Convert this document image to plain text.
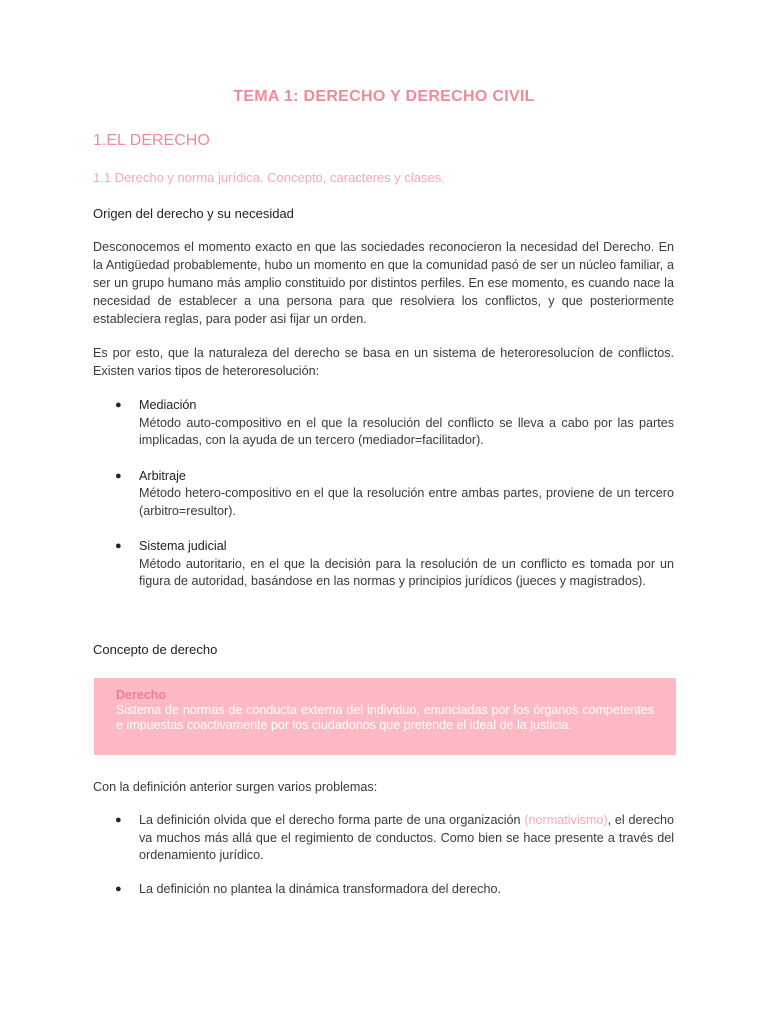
TEMA 1: DERECHO Y DERECHO CIVIL
1.EL DERECHO
1.1 Derecho y norma jurídica. Concepto, caracteres y clases.
Origen del derecho y su necesidad

Desconocemos el momento exacto en que las sociedades reconocieron la necesidad del Derecho. En la Antigüedad probablemente, hubo un momento en que la comunidad pasó de ser un núcleo familiar, a ser un grupo humano más amplio constituido por distintos perfiles. En ese momento, es cuando nace la necesidad de establecer a una persona para que resolviera los conflictos, y que posteriormente estableciera reglas, para poder asi fijar un orden.

Es por esto, que la naturaleza del derecho se basa en un sistema de heteroresolucíon de conflictos. Existen varios tipos de heteroresolución:

● Mediación
Método auto-compositivo en el que la resolución del conflicto se lleva a cabo por las partes implicadas, con la ayuda de un tercero (mediador=facilitador).
● Arbitraje
Método hetero-compositivo en el que la resolución entre ambas partes, proviene de un tercero (arbitro=resultor).
● Sistema judicial
Método autoritario, en el que la decisión para la resolución de un conflicto es tomada por un figura de autoridad, basándose en las normas y principios jurídicos (jueces y magistrados).
Concepto de derecho
Derecho
Sistema de normas de conducta externa del individuo, enunciadas por los órganos competentes e impuestas coactivamente por los ciudadonos que pretende el ideal de la justicia.

Con la definición anterior surgen varios problemas:

● La definición olvida que el derecho forma parte de una organización (normativismo), el derecho va muchos más allá que el regimiento de conductos. Como bien se hace presente a través del ordenamiento jurídico.
● La definición no plantea la dinámica transformadora del derecho.
